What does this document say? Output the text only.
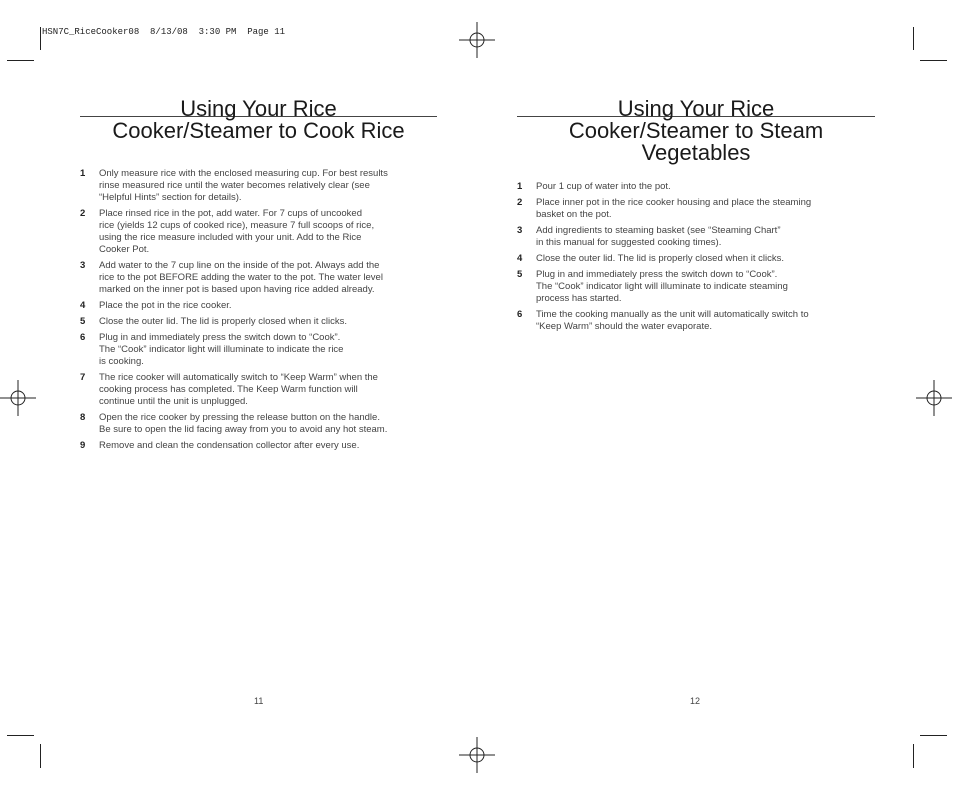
HSN7C_RiceCooker08  8/13/08  3:30 PM  Page 11
Using Your Rice
Cooker/Steamer to Cook Rice
1	Only measure rice with the enclosed measuring cup. For best results
rinse measured rice until the water becomes relatively clear (see
“Helpful Hints” section for details).
2	Place rinsed rice in the pot, add water. For 7 cups of uncooked
rice (yields 12 cups of cooked rice), measure 7 full scoops of rice,
using the rice measure included with your unit. Add to the Rice
Cooker Pot.
3	Add water to the 7 cup line on the inside of the pot. Always add the
rice to the pot BEFORE adding the water to the pot. The water level
marked on the inner pot is based upon having rice added already.
4	Place the pot in the rice cooker.
5	Close the outer lid. The lid is properly closed when it clicks.
6	Plug in and immediately press the switch down to “Cook”.
The “Cook” indicator light will illuminate to indicate the rice
is cooking.
7	The rice cooker will automatically switch to “Keep Warm” when the
cooking process has completed. The Keep Warm function will
continue until the unit is unplugged.
8	Open the rice cooker by pressing the release button on the handle.
Be sure to open the lid facing away from you to avoid any hot steam.
9	Remove and clean the condensation collector after every use.
11
Using Your Rice
Cooker/Steamer to Steam
Vegetables
1	Pour 1 cup of water into the pot.
2	Place inner pot in the rice cooker housing and place the steaming
basket on the pot.
3	Add ingredients to steaming basket (see “Steaming Chart”
in this manual for suggested cooking times).
4	Close the outer lid. The lid is properly closed when it clicks.
5	Plug in and immediately press the switch down to “Cook”.
The “Cook” indicator light will illuminate to indicate steaming
process has started.
6	Time the cooking manually as the unit will automatically switch to
“Keep Warm” should the water evaporate.
12
